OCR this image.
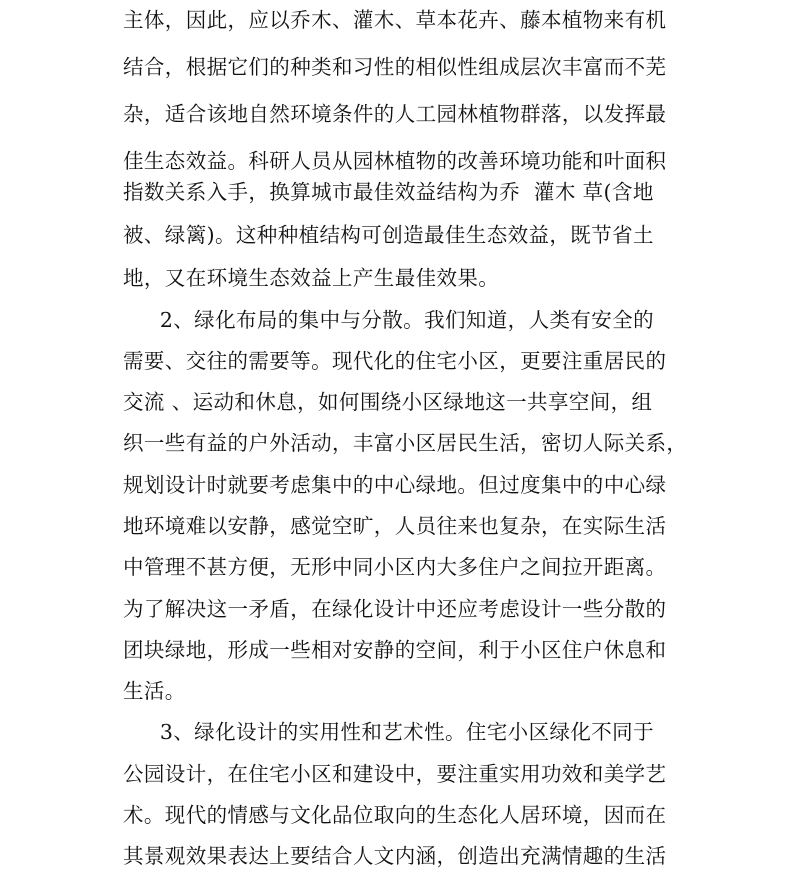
主体，因此，应以乔木、灌木、草本花卉、藤本植物来有机
结合，根据它们的种类和习性的相似性组成层次丰富而不芜
杂，适合该地自然环境条件的人工园林植物群落，以发挥最
佳生态效益。科研人员从园林植物的改善环境功能和叶面积
指数关系入手，换算城市最佳效益结构为乔  灌木 草(含地
被、绿篱)。这种种植结构可创造最佳生态效益，既节省土
地，又在环境生态效益上产生最佳效果。
2、绿化布局的集中与分散。我们知道，人类有安全的
需要、交往的需要等。现代化的住宅小区，更要注重居民的
交流 、运动和休息，如何围绕小区绿地这一共享空间，组
织一些有益的户外活动，丰富小区居民生活，密切人际关系，
规划设计时就要考虑集中的中心绿地。但过度集中的中心绿
地环境难以安静，感觉空旷，人员往来也复杂，在实际生活
中管理不甚方便，无形中同小区内大多住户之间拉开距离。
为了解决这一矛盾，在绿化设计中还应考虑设计一些分散的
团块绿地，形成一些相对安静的空间，利于小区住户休息和
生活。
3、绿化设计的实用性和艺术性。住宅小区绿化不同于
公园设计，在住宅小区和建设中，要注重实用功效和美学艺
术。现代的情感与文化品位取向的生态化人居环境，因而在
其景观效果表达上要结合人文内涵，创造出充满情趣的生活
